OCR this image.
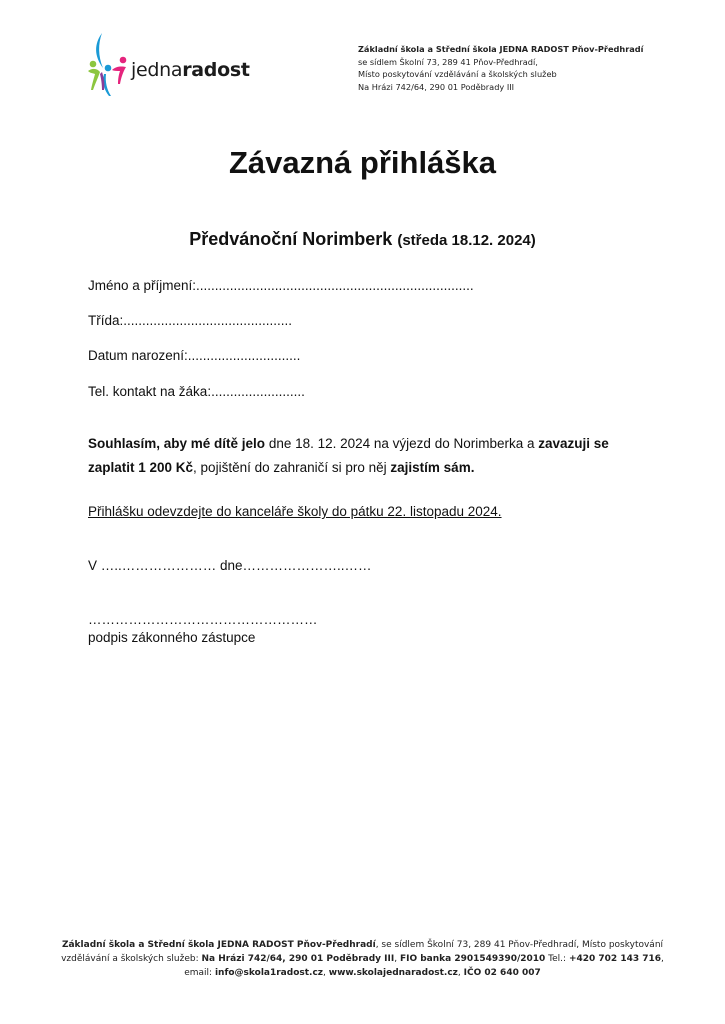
jednaradost
Základní škola a Střední škola JEDNA RADOST Pňov-Předhradí
se sídlem Školní 73, 289 41 Pňov-Předhradí,
Místo poskytování vzdělávání a školských služeb
Na Hrázi 742/64, 290 01 Poděbrady III
Závazná přihláška
Předvánoční Norimberk (středa 18.12. 2024)
Jméno a příjmení:..........................................................................
Třída:.............................................
Datum narození:..............................
Tel. kontakt na žáka:.........................
Souhlasím, aby mé dítě jelo dne 18. 12. 2024 na výjezd do Norimberka a zavazuji se zaplatit 1 200 Kč, pojištění do zahraničí si pro něj zajistím sám.
Přihlášku odevzdejte do kanceláře školy do pátku 22. listopadu 2024.
V …..………………… dne…………………..……
……………………………………………
podpis zákonného zástupce
Základní škola a Střední škola JEDNA RADOST Pňov-Předhradí, se sídlem Školní 73, 289 41 Pňov-Předhradí, Místo poskytování
vzdělávání a školských služeb: Na Hrázi 742/64, 290 01 Poděbrady III, FIO banka 2901549390/2010 Tel.: +420 702 143 716,
email: info@skola1radost.cz, www.skolajednaradost.cz, IČO 02 640 007
